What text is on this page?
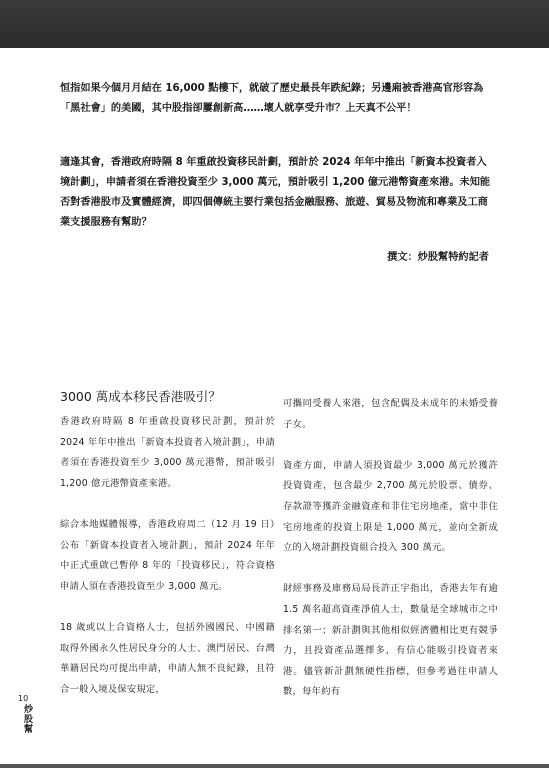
恒指如果今個月月結在 16,000 點樓下，就破了歷史最長年跌紀錄；另邊廂被香港高官形容為「黑社會」的美國，其中股指卻屢創新高……壞人就享受升市？上天真不公平！

適逢其會，香港政府時隔 8 年重啟投資移民計劃，預計於 2024 年年中推出「新資本投資者入境計劃」，申請者須在香港投資至少 3,000 萬元，預計吸引 1,200 億元港幣資產來港。未知能否對香港股市及實體經濟，即四個傳統主要行業包括金融服務、旅遊、貿易及物流和專業及工商業支援服務有幫助？

撰文：炒股幫特約記者

3000 萬成本移民香港吸引？

香港政府時隔 8 年重啟投資移民計劃，預計於 2024 年年中推出「新資本投資者入境計劃」，申請者須在香港投資至少 3,000 萬元港幣，預計吸引 1,200 億元港幣資產來港。

綜合本地媒體報導，香港政府周二（12 月 19 日）公布「新資本投資者入境計劃」，預計 2024 年年中正式重啟已暫停 8 年的「投資移民」，符合資格申請人須在香港投資至少 3,000 萬元。

18 歲或以上合資格人士，包括外國國民、中國籍取得外國永久性居民身分的人士、澳門居民、台灣華籍居民均可提出申請，申請人無不良紀錄，且符合一般入境及保安規定，

可攜同受養人來港，包含配偶及未成年的未婚受養子女。

資產方面，申請人須投資最少 3,000 萬元於獲許投資資產，包含最少 2,700 萬元於股票、債券、存款證等獲許金融資產和非住宅房地產，當中非住宅房地產的投資上限是 1,000 萬元，並向全新成立的入境計劃投資組合投入 300 萬元。

財經事務及庫務局局長許正宇指出，香港去年有逾 1.5 萬名超高資產淨值人士，數量是全球城市之中排名第一；新計劃與其他相似經濟體相比更有競爭力，且投資產品選擇多，有信心能吸引投資者來港。儘管新計劃無硬性指標，但參考過往申請人數，每年約有

10
炒股幫
